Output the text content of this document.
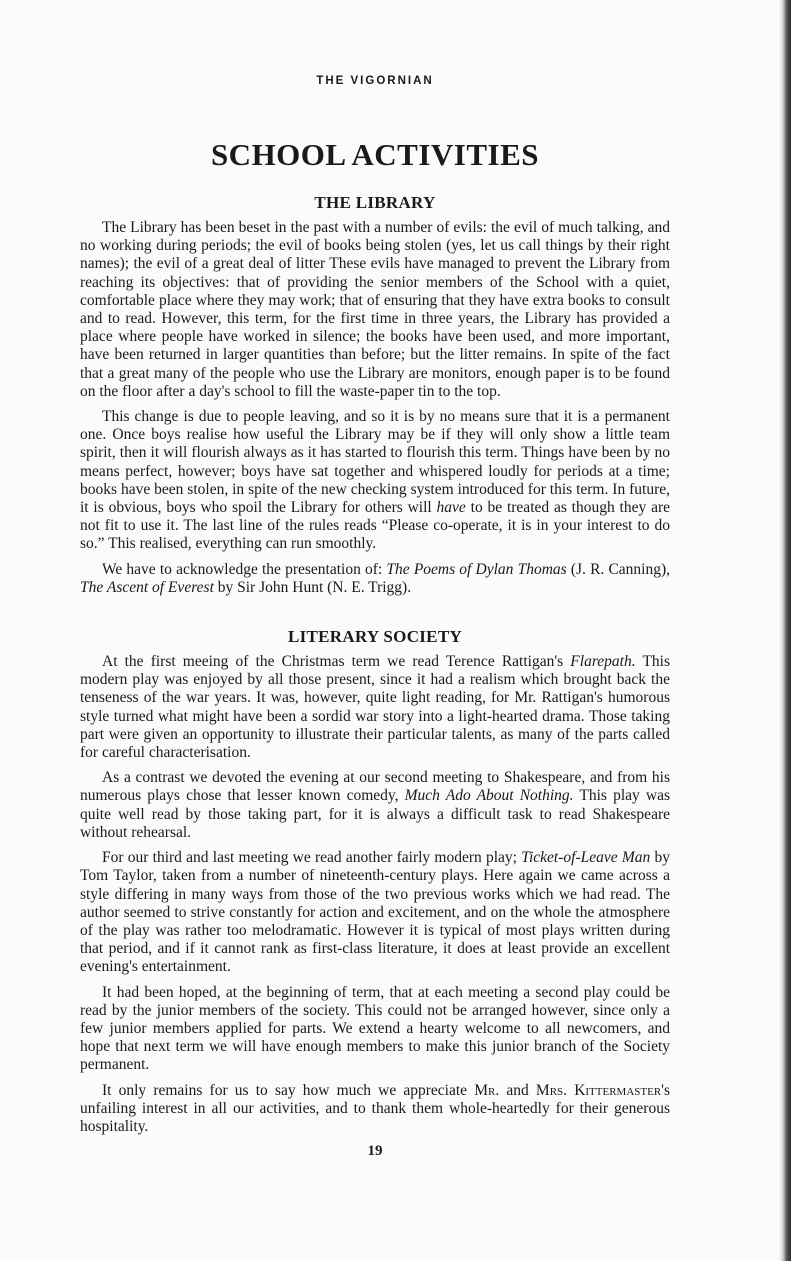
THE VIGORNIAN
SCHOOL ACTIVITIES
THE LIBRARY

The Library has been beset in the past with a number of evils: the evil of much talking, and no working during periods; the evil of books being stolen (yes, let us call things by their right names); the evil of a great deal of litter These evils have managed to prevent the Library from reaching its objectives: that of providing the senior members of the School with a quiet, comfortable place where they may work; that of ensuring that they have extra books to consult and to read. However, this term, for the first time in three years, the Library has provided a place where people have worked in silence; the books have been used, and more important, have been returned in larger quantities than before; but the litter remains. In spite of the fact that a great many of the people who use the Library are monitors, enough paper is to be found on the floor after a day's school to fill the waste-paper tin to the top.

This change is due to people leaving, and so it is by no means sure that it is a permanent one. Once boys realise how useful the Library may be if they will only show a little team spirit, then it will flourish always as it has started to flourish this term. Things have been by no means perfect, however; boys have sat together and whispered loudly for periods at a time; books have been stolen, in spite of the new checking system introduced for this term. In future, it is obvious, boys who spoil the Library for others will have to be treated as though they are not fit to use it. The last line of the rules reads “Please co-operate, it is in your interest to do so.” This realised, everything can run smoothly.

We have to acknowledge the presentation of: The Poems of Dylan Thomas (J. R. Canning), The Ascent of Everest by Sir John Hunt (N. E. Trigg).

LITERARY SOCIETY

At the first meeing of the Christmas term we read Terence Rattigan's Flarepath. This modern play was enjoyed by all those present, since it had a realism which brought back the tenseness of the war years. It was, however, quite light reading, for Mr. Rattigan's humorous style turned what might have been a sordid war story into a light-hearted drama. Those taking part were given an opportunity to illustrate their particular talents, as many of the parts called for careful characterisation.

As a contrast we devoted the evening at our second meeting to Shakespeare, and from his numerous plays chose that lesser known comedy, Much Ado About Nothing. This play was quite well read by those taking part, for it is always a difficult task to read Shakespeare without rehearsal.

For our third and last meeting we read another fairly modern play; Ticket-of-Leave Man by Tom Taylor, taken from a number of nineteenth-century plays. Here again we came across a style differing in many ways from those of the two previous works which we had read. The author seemed to strive constantly for action and excitement, and on the whole the atmosphere of the play was rather too melodramatic. However it is typical of most plays written during that period, and if it cannot rank as first-class literature, it does at least provide an excellent evening's entertainment.

It had been hoped, at the beginning of term, that at each meeting a second play could be read by the junior members of the society. This could not be arranged however, since only a few junior members applied for parts. We extend a hearty welcome to all newcomers, and hope that next term we will have enough members to make this junior branch of the Society permanent.

It only remains for us to say how much we appreciate Mr. and Mrs. Kittermaster's unfailing interest in all our activities, and to thank them whole-heartedly for their generous hospitality.

19
